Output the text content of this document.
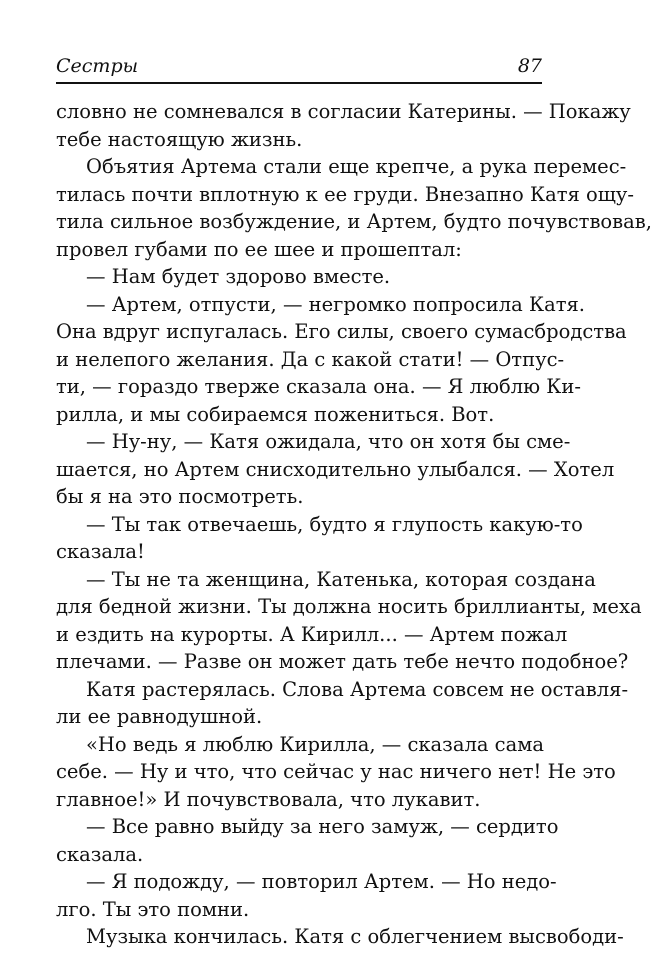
Сестры	87
словно не сомневался в согласии Катерины. — Покажу
тебе настоящую жизнь.
Объятия Артема стали еще крепче, а рука перемес-
тилась почти вплотную к ее груди. Внезапно Катя ощу-
тила сильное возбуждение, и Артем, будто почувствовав,
провел губами по ее шее и прошептал:
— Нам будет здорово вместе.
— Артем, отпусти, — негромко попросила Катя.
Она вдруг испугалась. Его силы, своего сумасбродства
и нелепого желания. Да с какой стати! — Отпус-
ти, — гораздо тверже сказала она. — Я люблю Ки-
рилла, и мы собираемся пожениться. Вот.
— Ну-ну, — Катя ожидала, что он хотя бы сме-
шается, но Артем снисходительно улыбался. — Хотел
бы я на это посмотреть.
— Ты так отвечаешь, будто я глупость какую-то
сказала!
— Ты не та женщина, Катенька, которая создана
для бедной жизни. Ты должна носить бриллианты, меха
и ездить на курорты. А Кирилл... — Артем пожал
плечами. — Разве он может дать тебе нечто подобное?
Катя растерялась. Слова Артема совсем не оставля-
ли ее равнодушной.
«Но ведь я люблю Кирилла, — сказала сама
себе. — Ну и что, что сейчас у нас ничего нет! Не это
главное!» И почувствовала, что лукавит.
— Все равно выйду за него замуж, — сердито
сказала.
— Я подожду, — повторил Артем. — Но недо-
лго. Ты это помни.
Музыка кончилась. Катя с облегчением высвободи-
